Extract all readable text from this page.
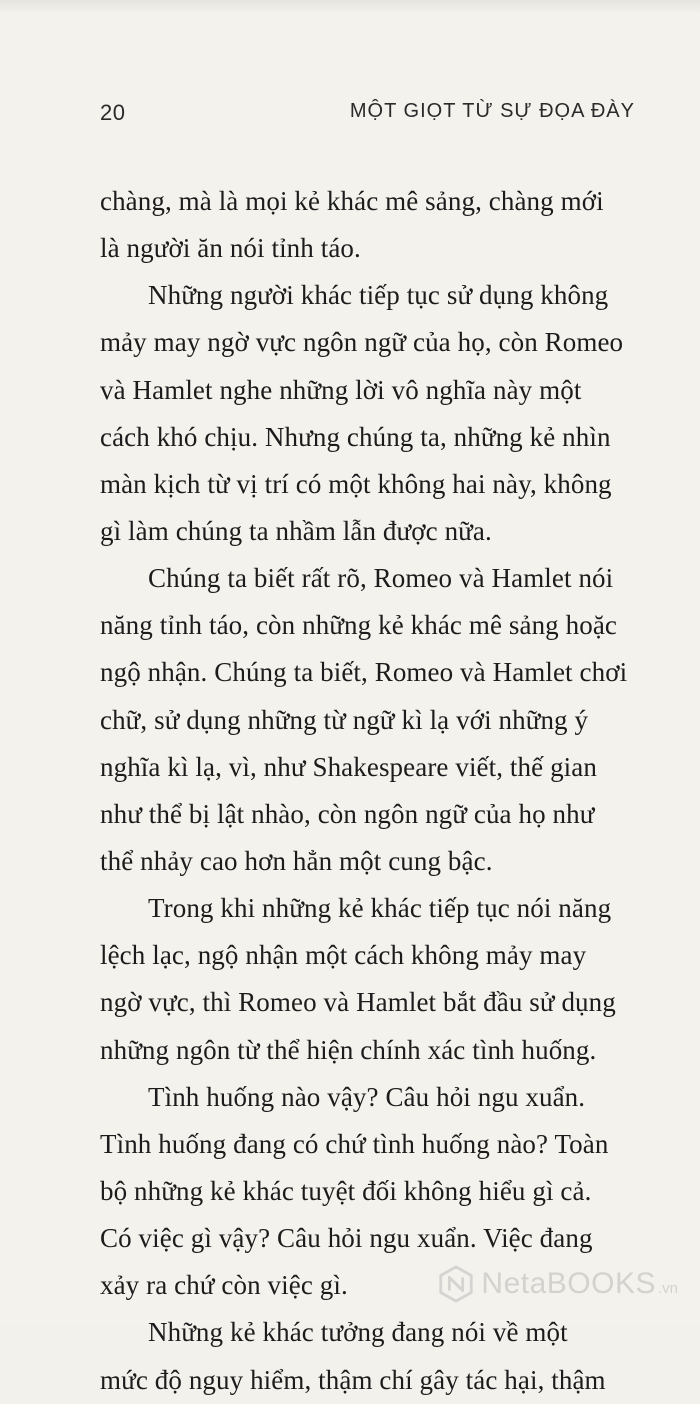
20	MỘT GIỌT TỪ SỰ ĐỌA ĐÀY
chàng, mà là mọi kẻ khác mê sảng, chàng mới
là người ăn nói tỉnh táo.
Những người khác tiếp tục sử dụng không
mảy may ngờ vực ngôn ngữ của họ, còn Romeo
và Hamlet nghe những lời vô nghĩa này một
cách khó chịu. Nhưng chúng ta, những kẻ nhìn
màn kịch từ vị trí có một không hai này, không
gì làm chúng ta nhầm lẫn được nữa.
Chúng ta biết rất rõ, Romeo và Hamlet nói
năng tỉnh táo, còn những kẻ khác mê sảng hoặc
ngộ nhận. Chúng ta biết, Romeo và Hamlet chơi
chữ, sử dụng những từ ngữ kì lạ với những ý
nghĩa kì lạ, vì, như Shakespeare viết, thế gian
như thể bị lật nhào, còn ngôn ngữ của họ như
thể nhảy cao hơn hẳn một cung bậc.
Trong khi những kẻ khác tiếp tục nói năng
lệch lạc, ngộ nhận một cách không mảy may
ngờ vực, thì Romeo và Hamlet bắt đầu sử dụng
những ngôn từ thể hiện chính xác tình huống.
Tình huống nào vậy? Câu hỏi ngu xuẩn.
Tình huống đang có chứ tình huống nào? Toàn
bộ những kẻ khác tuyệt đối không hiểu gì cả.
Có việc gì vậy? Câu hỏi ngu xuẩn. Việc đang
xảy ra chứ còn việc gì.
Những kẻ khác tưởng đang nói về một
mức độ nguy hiểm, thậm chí gây tác hại, thậm
NetaBOOKS .vn
